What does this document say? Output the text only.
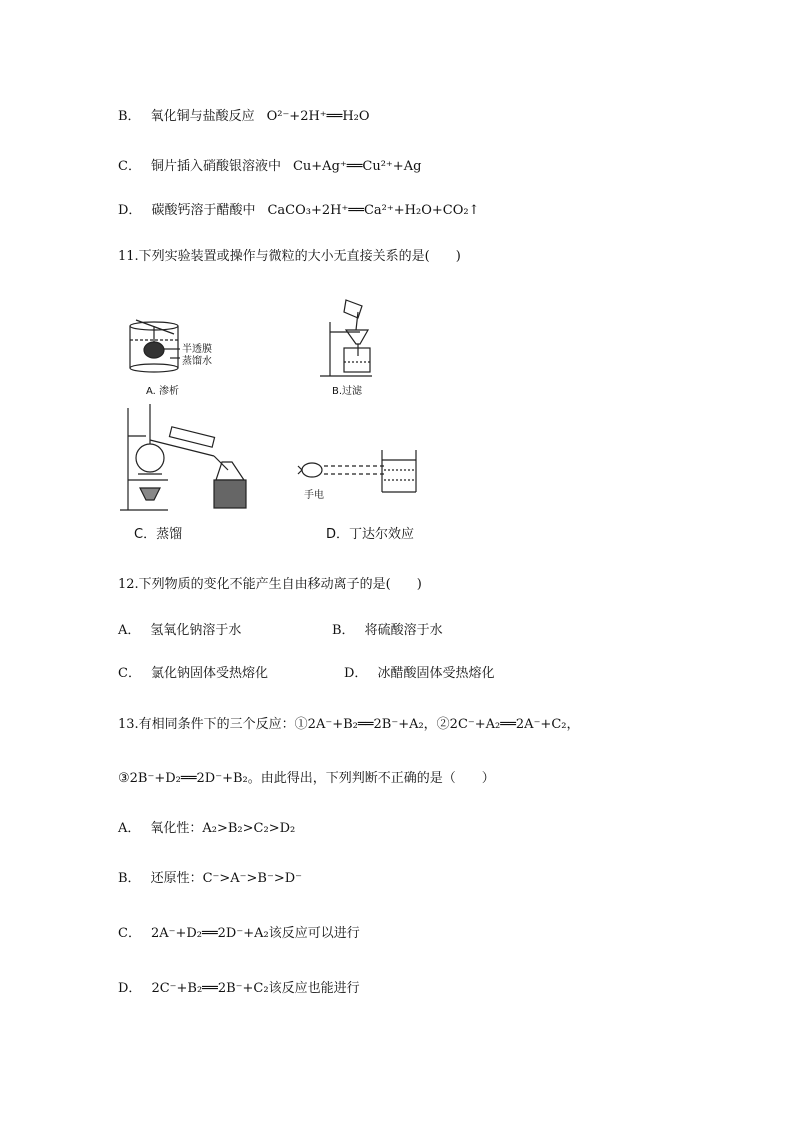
B． 氧化铜与盐酸反应 O²⁻+2H⁺══H₂O
C． 铜片插入硝酸银溶液中 Cu+Ag⁺══Cu²⁺+Ag
D． 碳酸钙溶于醋酸中 CaCO₃+2H⁺══Ca²⁺+H₂O+CO₂↑
11.下列实验装置或操作与微粒的大小无直接关系的是(　　)
半透膜
蒸馏水
A. 渗析	B.过滤
手电
C．蒸馏	D．丁达尔效应
12.下列物质的变化不能产生自由移动离子的是(　　)
A． 氢氧化钠溶于水	B． 将硫酸溶于水
C． 氯化钠固体受热熔化	D． 冰醋酸固体受热熔化
13.有相同条件下的三个反应：①2A⁻+B₂══2B⁻+A₂，②2C⁻+A₂══2A⁻+C₂，
③2B⁻+D₂══2D⁻+B₂。由此得出，下列判断不正确的是（　　）
A． 氧化性：A₂>B₂>C₂>D₂
B． 还原性：C⁻>A⁻>B⁻>D⁻
C． 2A⁻+D₂══2D⁻+A₂该反应可以进行
D． 2C⁻+B₂══2B⁻+C₂该反应也能进行
